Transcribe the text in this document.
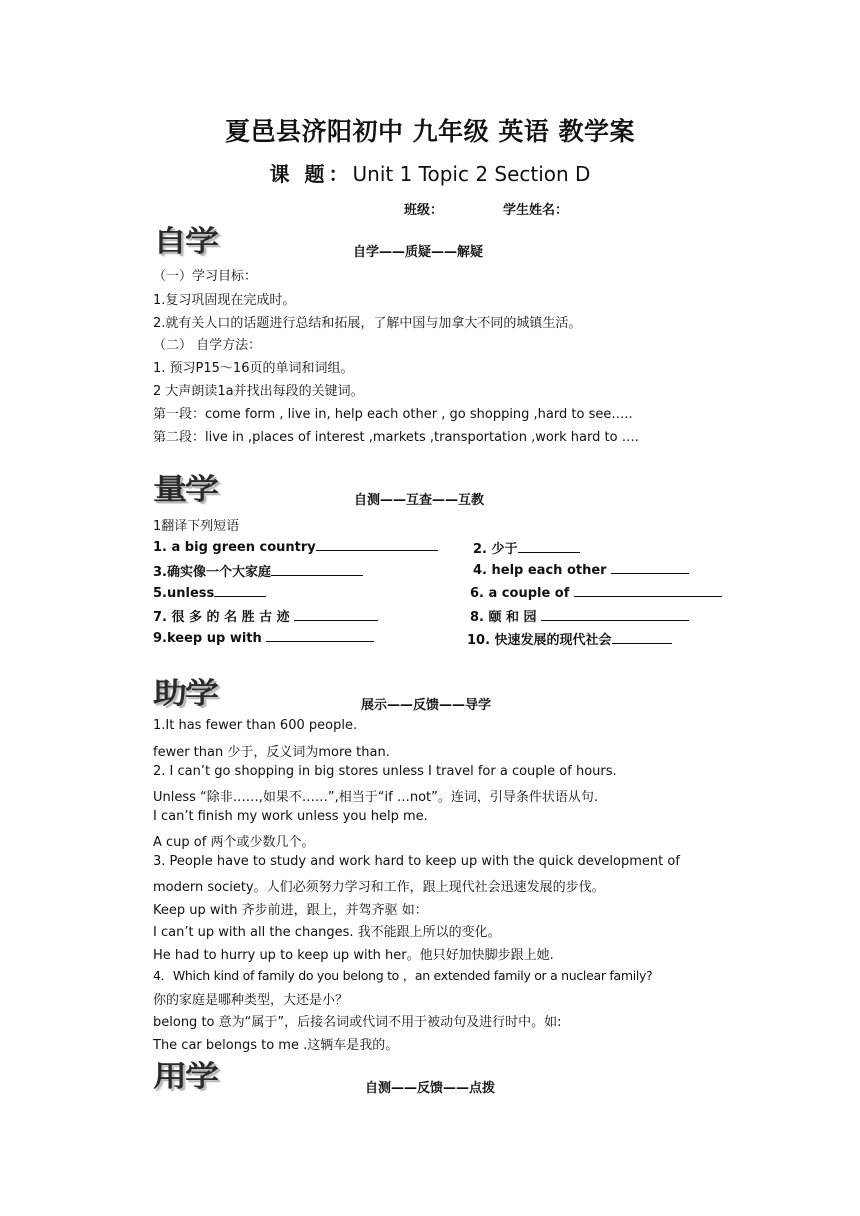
夏邑县济阳初中 九年级 英语 教学案
课 题：Unit 1 Topic 2 Section D
班级：	学生姓名：
自学	自学——质疑——解疑
（一）学习目标：
1.复习巩固现在完成时。
2.就有关人口的话题进行总结和拓展，了解中国与加拿大不同的城镇生活。
（二） 自学方法：
1. 预习P15～16页的单词和词组。
2 大声朗读1a并找出每段的关键词。
第一段：come form , live in, help each other , go shopping ,hard to see…..
第二段：live in ,places of interest ,markets ,transportation ,work hard to ….
量学	自测——互查——互教
1翻译下列短语
1. a big green country	2. 少于
3.确实像一个大家庭	4. help each other
5.unless	6. a couple of
7. 很 多 的 名 胜 古 迹	8. 颐 和 园
9.keep up with	10. 快速发展的现代社会
助学	展示——反馈——导学
1.It has fewer than 600 people.
fewer than 少于，反义词为more than.
2. I can’t go shopping in big stores unless I travel for a couple of hours.
Unless “除非……,如果不……”,相当于“if …not”。连词，引导条件状语从句.
I can’t finish my work unless you help me.
A cup of 两个或少数几个。
3. People have to study and work hard to keep up with the quick development of
modern society。人们必须努力学习和工作，跟上现代社会迅速发展的步伐。
Keep up with 齐步前进，跟上，并驾齐驱 如：
I can’t up with all the changes. 我不能跟上所以的变化。
He had to hurry up to keep up with her。他只好加快脚步跟上她.
4．Which kind of family do you belong to ，an extended family or a nuclear family?
你的家庭是哪种类型，大还是小？
belong to 意为“属于”，后接名词或代词不用于被动句及进行时中。如:
The car belongs to me .这辆车是我的。
用学	自测——反馈——点拨
